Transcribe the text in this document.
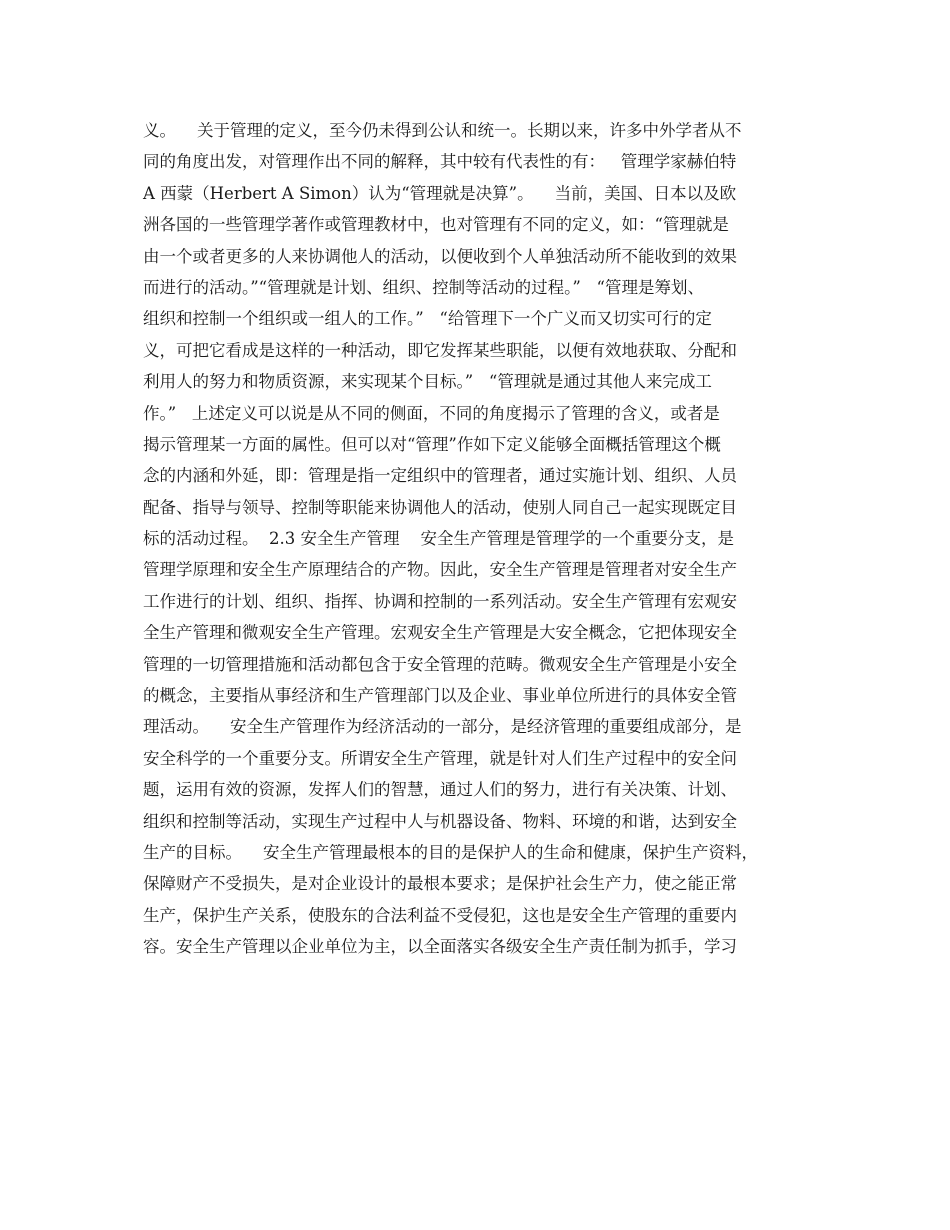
义。    关于管理的定义，至今仍未得到公认和统一。长期以来，许多中外学者从不
同的角度出发，对管理作出不同的解释，其中较有代表性的有：   管理学家赫伯特
A 西蒙（Herbert A Simon）认为“管理就是决算”。    当前，美国、日本以及欧
洲各国的一些管理学著作或管理教材中，也对管理有不同的定义，如：“管理就是
由一个或者更多的人来协调他人的活动，以便收到个人单独活动所不能收到的效果
而进行的活动。”“管理就是计划、组织、控制等活动的过程。”   “管理是筹划、
组织和控制一个组织或一组人的工作。”   “给管理下一个广义而又切实可行的定
义，可把它看成是这样的一种活动，即它发挥某些职能，以便有效地获取、分配和
利用人的努力和物质资源，来实现某个目标。”   “管理就是通过其他人来完成工
作。”   上述定义可以说是从不同的侧面，不同的角度揭示了管理的含义，或者是
揭示管理某一方面的属性。但可以对“管理”作如下定义能够全面概括管理这个概
念的内涵和外延，即：管理是指一定组织中的管理者，通过实施计划、组织、人员
配备、指导与领导、控制等职能来协调他人的活动，使别人同自己一起实现既定目
标的活动过程。  2.3 安全生产管理    安全生产管理是管理学的一个重要分支，是
管理学原理和安全生产原理结合的产物。因此，安全生产管理是管理者对安全生产
工作进行的计划、组织、指挥、协调和控制的一系列活动。安全生产管理有宏观安
全生产管理和微观安全生产管理。宏观安全生产管理是大安全概念，它把体现安全
管理的一切管理措施和活动都包含于安全管理的范畴。微观安全生产管理是小安全
的概念，主要指从事经济和生产管理部门以及企业、事业单位所进行的具体安全管
理活动。    安全生产管理作为经济活动的一部分，是经济管理的重要组成部分，是
安全科学的一个重要分支。所谓安全生产管理，就是针对人们生产过程中的安全问
题，运用有效的资源，发挥人们的智慧，通过人们的努力，进行有关决策、计划、
组织和控制等活动，实现生产过程中人与机器设备、物料、环境的和谐，达到安全
生产的目标。    安全生产管理最根本的目的是保护人的生命和健康，保护生产资料，
保障财产不受损失，是对企业设计的最根本要求；是保护社会生产力，使之能正常
生产，保护生产关系，使股东的合法利益不受侵犯，这也是安全生产管理的重要内
容。安全生产管理以企业单位为主，以全面落实各级安全生产责任制为抓手，学习
